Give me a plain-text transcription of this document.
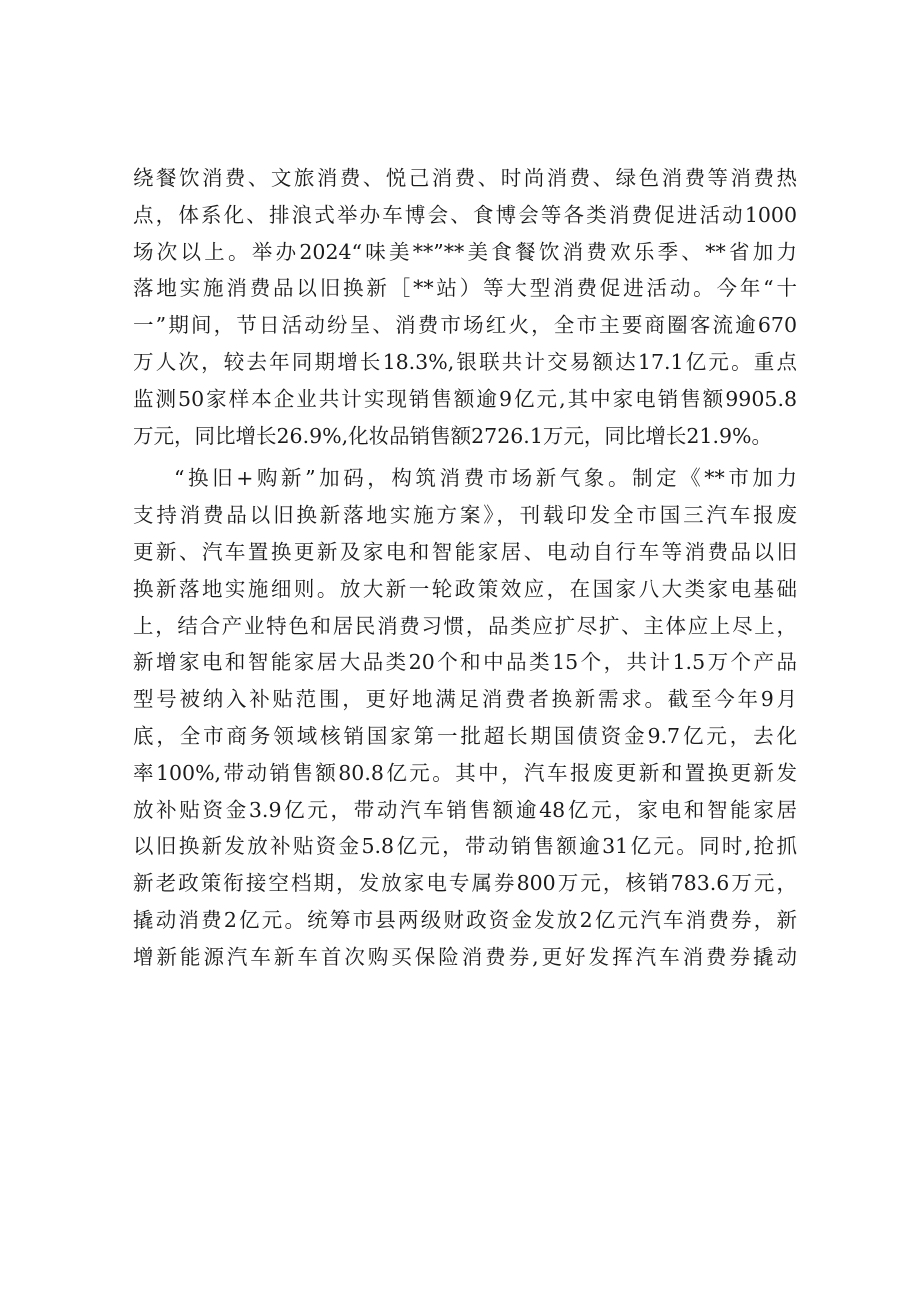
绕餐饮消费、文旅消费、悦己消费、时尚消费、绿色消费等消费热
点，体系化、排浪式举办车博会、食博会等各类消费促进活动1000
场次以上。举办2024“味美**”**美食餐饮消费欢乐季、**省加力
落地实施消费品以旧换新［**站）等大型消费促进活动。今年“十
一”期间，节日活动纷呈、消费市场红火，全市主要商圈客流逾670
万人次，较去年同期增长18.3%,银联共计交易额达17.1亿元。重点
监测50家样本企业共计实现销售额逾9亿元,其中家电销售额9905.8
万元，同比增长26.9%,化妆品销售额2726.1万元，同比增长21.9%。
“换旧+购新”加码，构筑消费市场新气象。制定《**市加力
支持消费品以旧换新落地实施方案》，刊载印发全市国三汽车报废
更新、汽车置换更新及家电和智能家居、电动自行车等消费品以旧
换新落地实施细则。放大新一轮政策效应，在国家八大类家电基础
上，结合产业特色和居民消费习惯，品类应扩尽扩、主体应上尽上，
新增家电和智能家居大品类20个和中品类15个，共计1.5万个产品
型号被纳入补贴范围，更好地满足消费者换新需求。截至今年9月
底，全市商务领域核销国家第一批超长期国债资金9.7亿元，去化
率100%,带动销售额80.8亿元。其中，汽车报废更新和置换更新发
放补贴资金3.9亿元，带动汽车销售额逾48亿元，家电和智能家居
以旧换新发放补贴资金5.8亿元，带动销售额逾31亿元。同时,抢抓
新老政策衔接空档期，发放家电专属券800万元，核销783.6万元，
撬动消费2亿元。统筹市县两级财政资金发放2亿元汽车消费券，新
增新能源汽车新车首次购买保险消费券,更好发挥汽车消费券撬动
